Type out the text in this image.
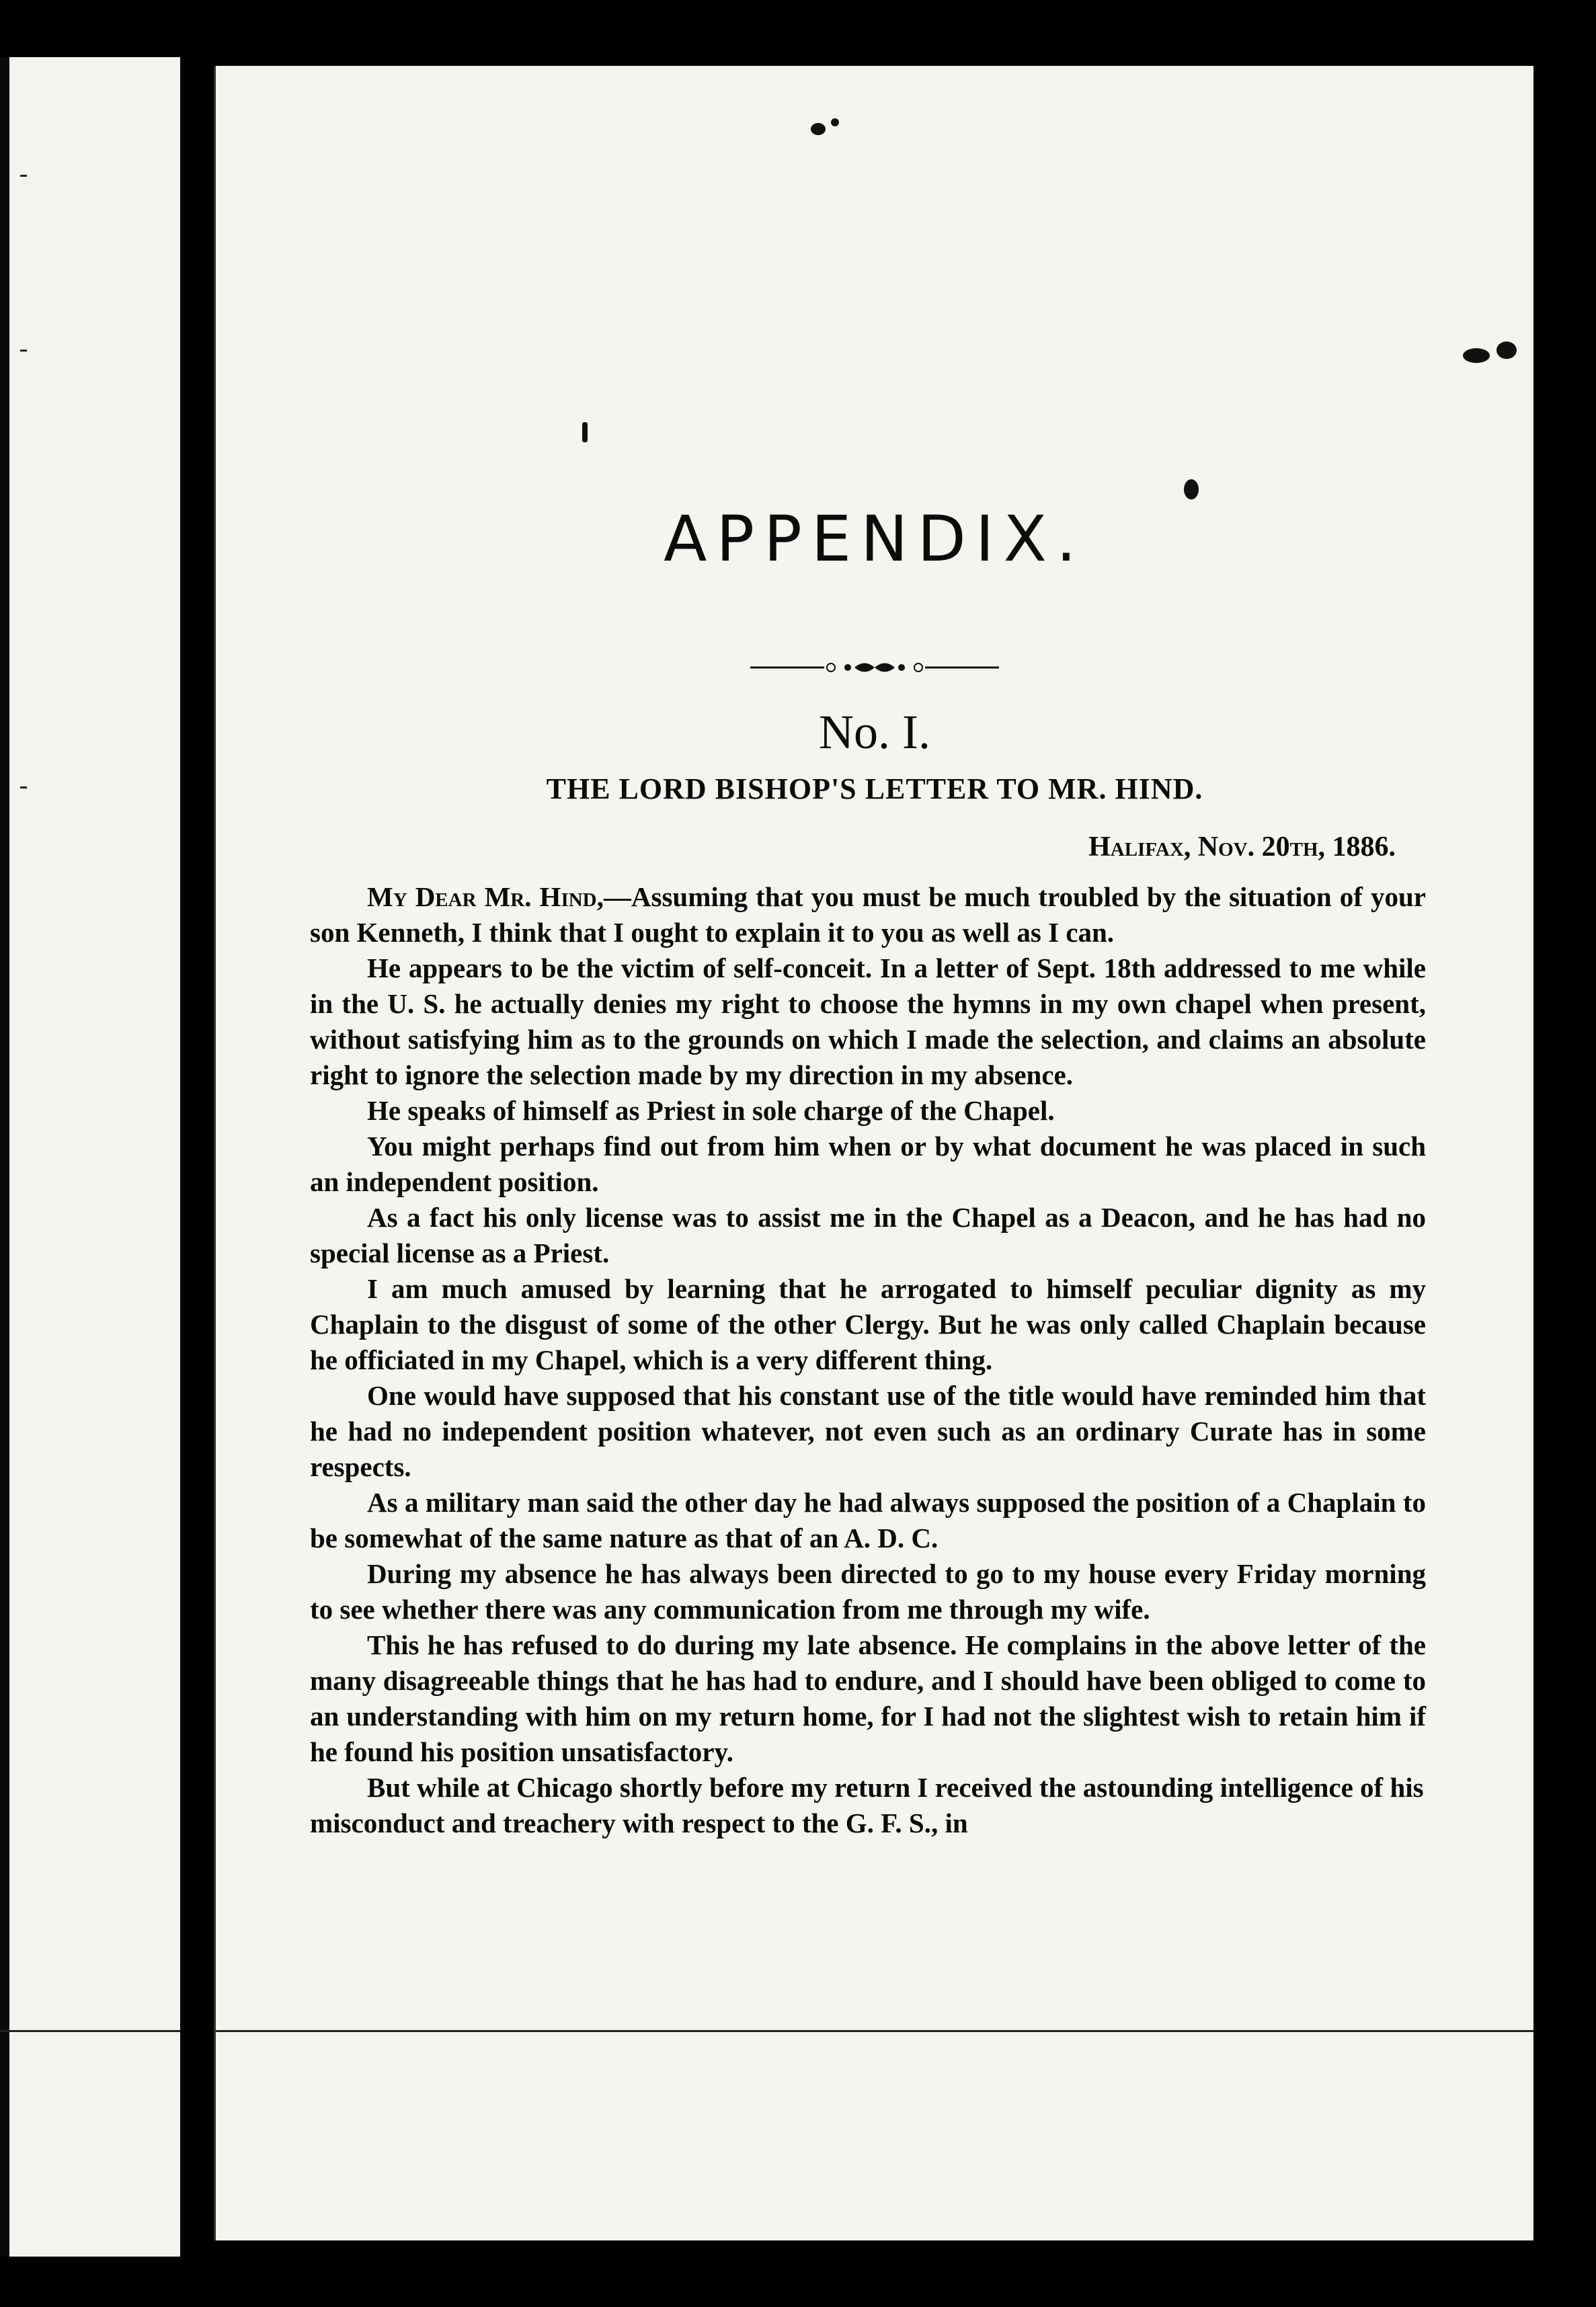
APPENDIX.
No. I.
THE LORD BISHOP'S LETTER TO MR. HIND.
Halifax, Nov. 20th, 1886.

My Dear Mr. Hind,—Assuming that you must be much troubled by the situation of your son Kenneth, I think that I ought to explain it to you as well as I can.

He appears to be the victim of self-conceit. In a letter of Sept. 18th addressed to me while in the U. S. he actually denies my right to choose the hymns in my own chapel when present, without satisfying him as to the grounds on which I made the selection, and claims an absolute right to ignore the selection made by my direction in my absence.

He speaks of himself as Priest in sole charge of the Chapel.

You might perhaps find out from him when or by what document he was placed in such an independent position.

As a fact his only license was to assist me in the Chapel as a Deacon, and he has had no special license as a Priest.

I am much amused by learning that he arrogated to himself peculiar dignity as my Chaplain to the disgust of some of the other Clergy. But he was only called Chaplain because he officiated in my Chapel, which is a very different thing.

One would have supposed that his constant use of the title would have reminded him that he had no independent position whatever, not even such as an ordinary Curate has in some respects.

As a military man said the other day he had always supposed the position of a Chaplain to be somewhat of the same nature as that of an A. D. C.

During my absence he has always been directed to go to my house every Friday morning to see whether there was any communication from me through my wife.

This he has refused to do during my late absence. He complains in the above letter of the many disagreeable things that he has had to endure, and I should have been obliged to come to an understanding with him on my return home, for I had not the slightest wish to retain him if he found his position unsatisfactory.

But while at Chicago shortly before my return I received the astounding intelligence of his misconduct and treachery with respect to the G. F. S., in
